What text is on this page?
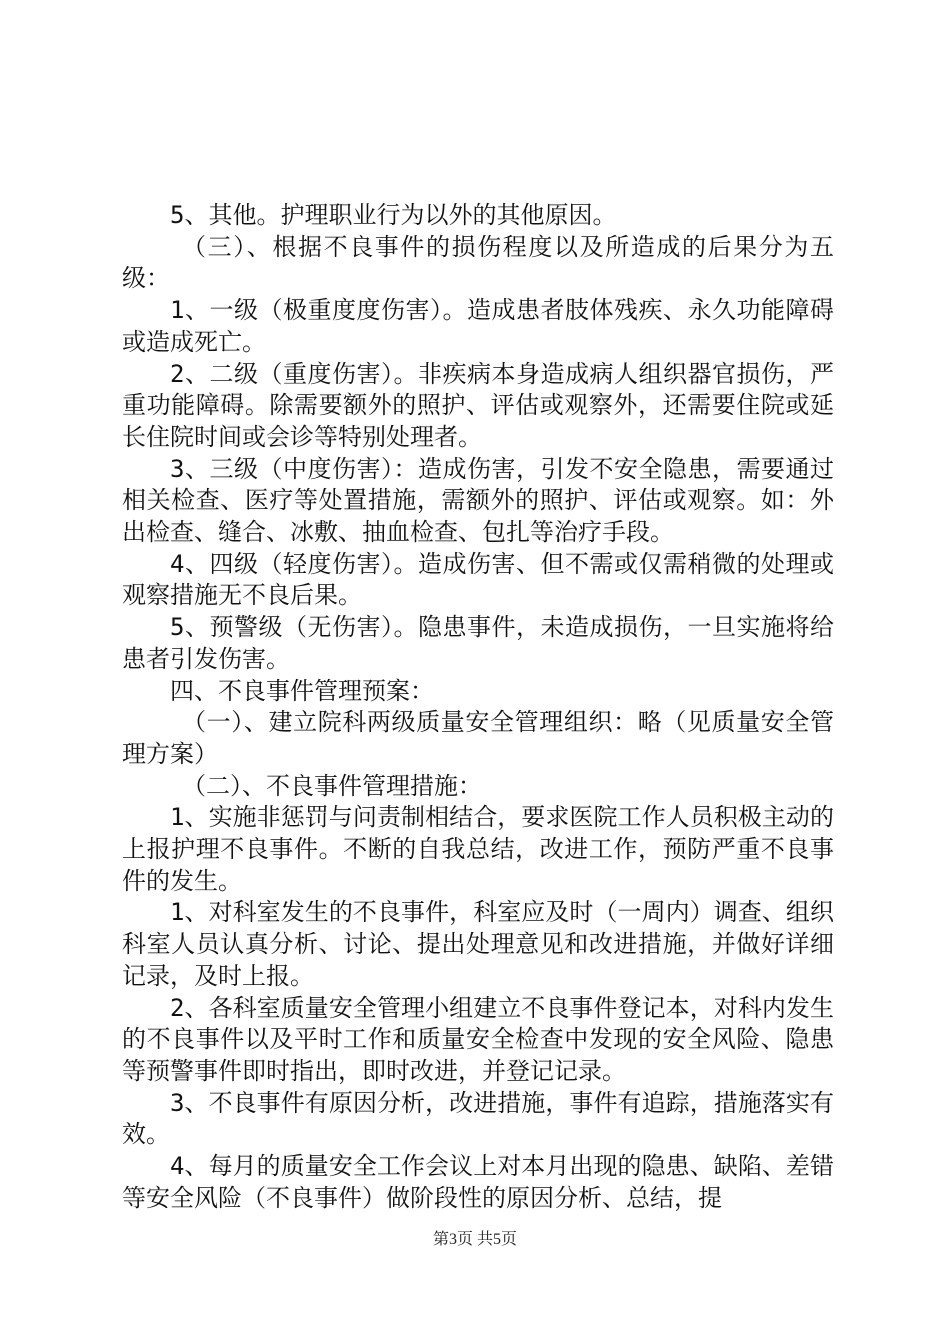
5、其他。护理职业行为以外的其他原因。

（三）、根据不良事件的损伤程度以及所造成的后果分为五级：

1、一级（极重度度伤害）。造成患者肢体残疾、永久功能障碍或造成死亡。

2、二级（重度伤害）。非疾病本身造成病人组织器官损伤，严重功能障碍。除需要额外的照护、评估或观察外，还需要住院或延长住院时间或会诊等特别处理者。

3、三级（中度伤害）：造成伤害，引发不安全隐患，需要通过相关检查、医疗等处置措施，需额外的照护、评估或观察。如：外出检查、缝合、冰敷、抽血检查、包扎等治疗手段。

4、四级（轻度伤害）。造成伤害、但不需或仅需稍微的处理或观察措施无不良后果。

5、预警级（无伤害）。隐患事件，未造成损伤，一旦实施将给患者引发伤害。

四、不良事件管理预案：

（一）、建立院科两级质量安全管理组织：略（见质量安全管理方案）

（二）、不良事件管理措施：

1、实施非惩罚与问责制相结合，要求医院工作人员积极主动的上报护理不良事件。不断的自我总结，改进工作，预防严重不良事件的发生。

1、对科室发生的不良事件，科室应及时（一周内）调查、组织科室人员认真分析、讨论、提出处理意见和改进措施，并做好详细记录，及时上报。

2、各科室质量安全管理小组建立不良事件登记本，对科内发生的不良事件以及平时工作和质量安全检查中发现的安全风险、隐患等预警事件即时指出，即时改进，并登记记录。

3、不良事件有原因分析，改进措施，事件有追踪，措施落实有效。

4、每月的质量安全工作会议上对本月出现的隐患、缺陷、差错等安全风险（不良事件）做阶段性的原因分析、总结，提

第3页 共5页
